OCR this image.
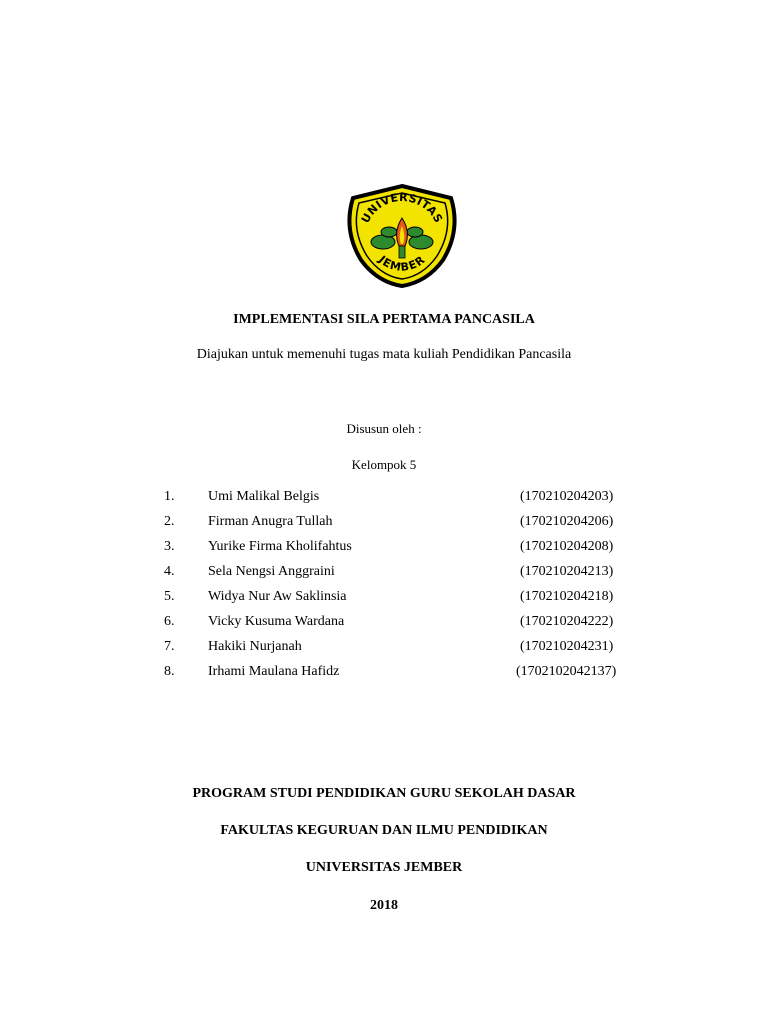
UNIVERSITAS
JEMBER
IMPLEMENTASI SILA PERTAMA PANCASILA
Diajukan untuk memenuhi tugas mata kuliah Pendidikan Pancasila
Disusun oleh :
Kelompok 5
1. Umi Malikal Belgis	(170210204203)
2. Firman Anugra Tullah	(170210204206)
3. Yurike Firma Kholifahtus	(170210204208)
4. Sela Nengsi Anggraini	(170210204213)
5. Widya Nur Aw Saklinsia	(170210204218)
6. Vicky Kusuma Wardana	(170210204222)
7. Hakiki Nurjanah	(170210204231)
8. Irhami Maulana Hafidz	(1702102042137)
PROGRAM STUDI PENDIDIKAN GURU SEKOLAH DASAR
FAKULTAS KEGURUAN DAN ILMU PENDIDIKAN
UNIVERSITAS JEMBER
2018
